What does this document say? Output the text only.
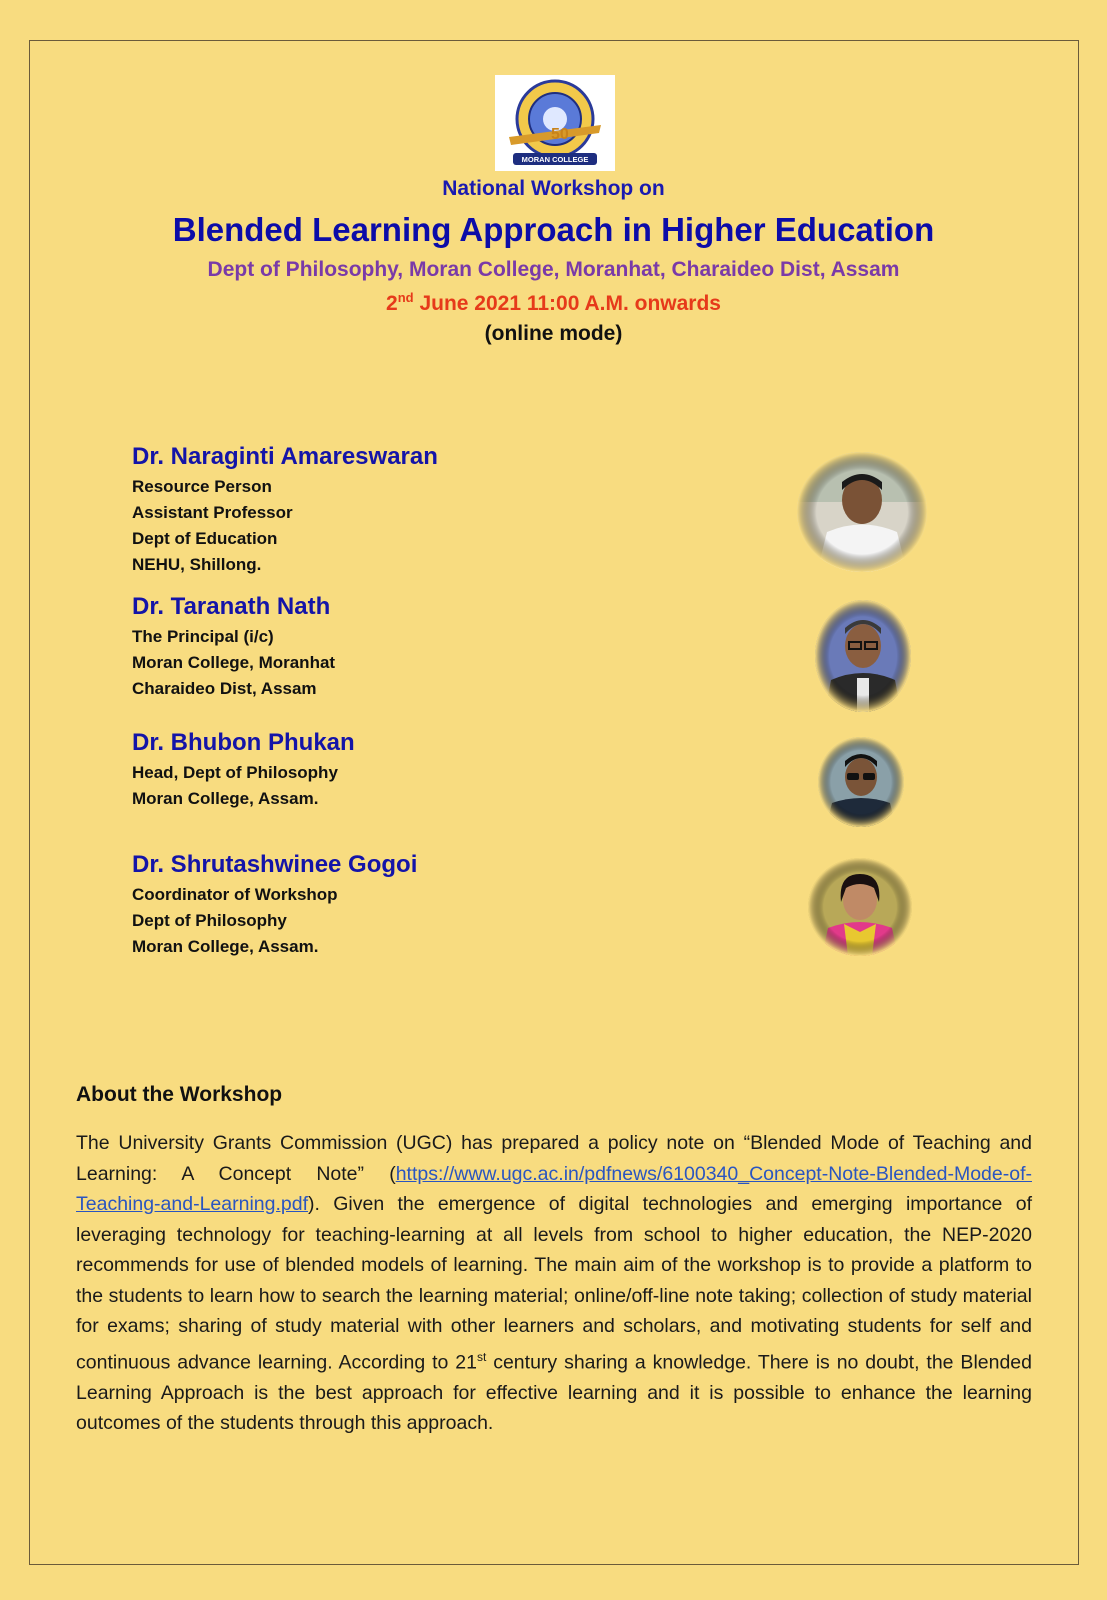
50
MORAN COLLEGE
National Workshop on
Blended Learning Approach in Higher Education
Dept of Philosophy, Moran College, Moranhat, Charaideo Dist, Assam
2nd June 2021 11:00 A.M. onwards
(online mode)
Dr. Naraginti Amareswaran
Resource Person
Assistant Professor
Dept of Education
NEHU, Shillong.
Dr. Taranath Nath
The Principal (i/c)
Moran College, Moranhat
Charaideo Dist, Assam
Dr. Bhubon Phukan
Head, Dept of Philosophy
Moran College, Assam.
Dr. Shrutashwinee Gogoi
Coordinator of Workshop
Dept of Philosophy
Moran College, Assam.
About the Workshop
The University Grants Commission (UGC) has prepared a policy note on “Blended Mode of Teaching and Learning: A Concept Note” (https://www.ugc.ac.in/pdfnews/6100340_Concept-Note-Blended-Mode-of-Teaching-and-Learning.pdf). Given the emergence of digital technologies and emerging importance of leveraging technology for teaching-learning at all levels from school to higher education, the NEP-2020 recommends for use of blended models of learning. The main aim of the workshop is to provide a platform to the students to learn how to search the learning material; online/off-line note taking; collection of study material for exams; sharing of study material with other learners and scholars, and motivating students for self and continuous advance learning. According to 21st century sharing a knowledge. There is no doubt, the Blended Learning Approach is the best approach for effective learning and it is possible to enhance the learning outcomes of the students through this approach.
